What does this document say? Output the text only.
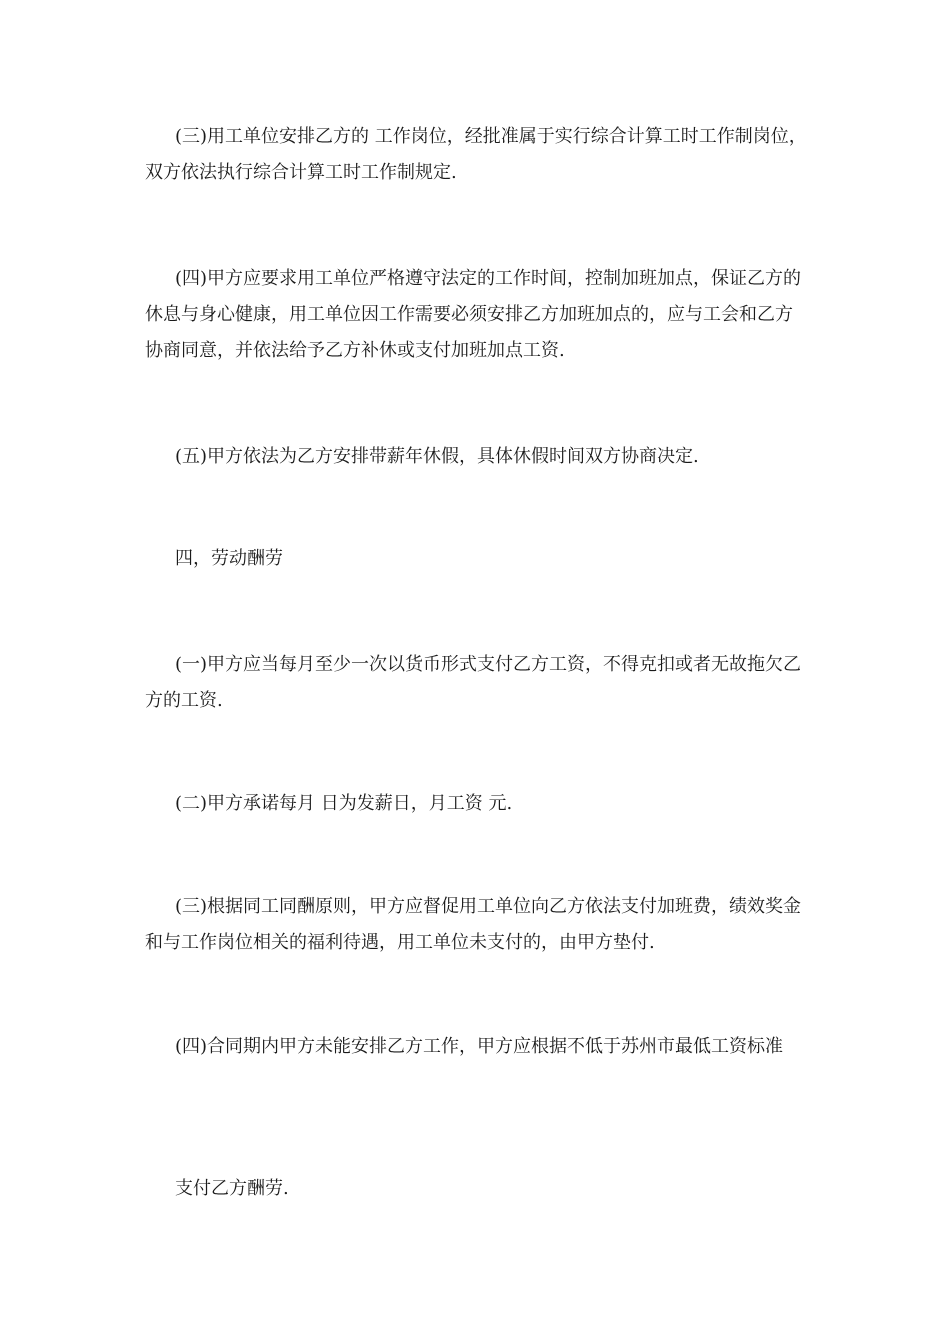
(三)用工单位安排乙方的 工作岗位，经批准属于实行综合计算工时工作制岗位，双方依法执行综合计算工时工作制规定.

(四)甲方应要求用工单位严格遵守法定的工作时间，控制加班加点，保证乙方的休息与身心健康，用工单位因工作需要必须安排乙方加班加点的，应与工会和乙方协商同意，并依法给予乙方补休或支付加班加点工资.

(五)甲方依法为乙方安排带薪年休假，具体休假时间双方协商决定.

四，劳动酬劳

(一)甲方应当每月至少一次以货币形式支付乙方工资，不得克扣或者无故拖欠乙方的工资.

(二)甲方承诺每月 日为发薪日，月工资 元.

(三)根据同工同酬原则，甲方应督促用工单位向乙方依法支付加班费，绩效奖金和与工作岗位相关的福利待遇，用工单位未支付的，由甲方垫付.

(四)合同期内甲方未能安排乙方工作，甲方应根据不低于苏州市最低工资标准

支付乙方酬劳.
